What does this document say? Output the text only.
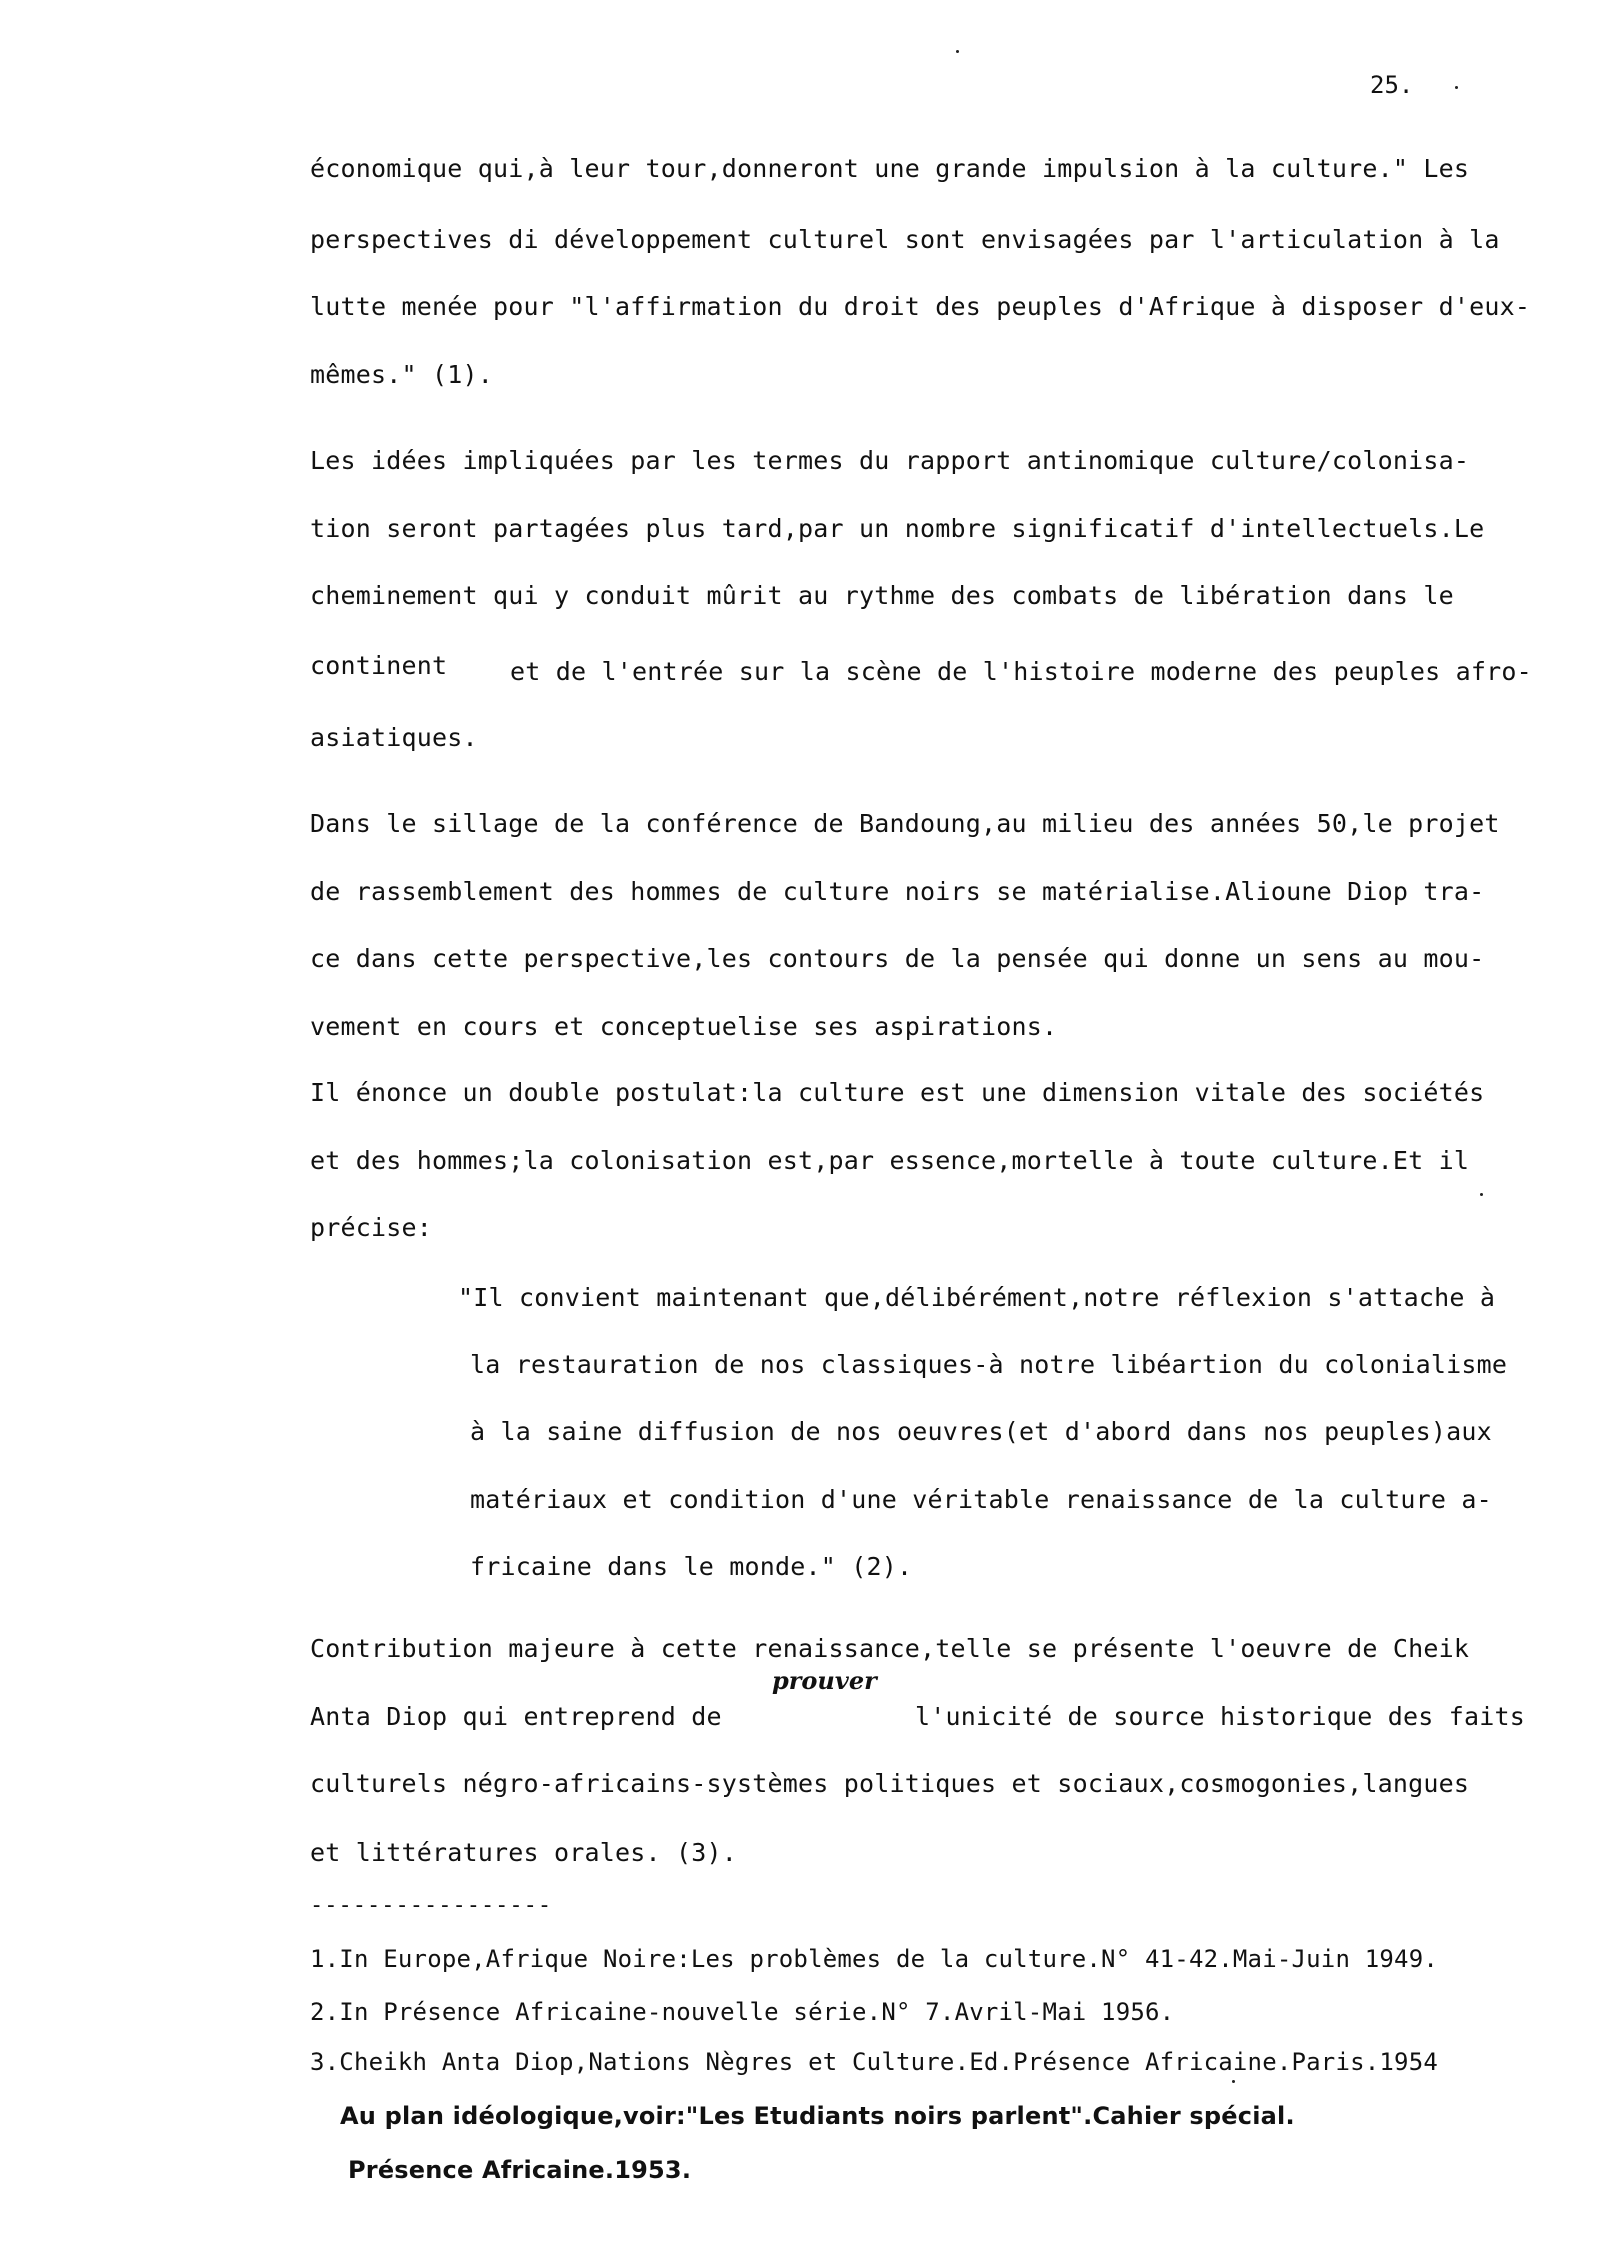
25.
économique qui,à leur tour,donneront une grande impulsion à la culture." Les
perspectives di développement culturel sont envisagées par l'articulation à la
lutte menée pour "l'affirmation du droit des peuples d'Afrique à disposer d'eux-
mêmes." (1).
Les idées impliquées par les termes du rapport antinomique culture/colonisa-
tion seront partagées plus tard,par un nombre significatif d'intellectuels.Le
cheminement qui y conduit mûrit au rythme des combats de libération dans le
continent	et de l'entrée sur la scène de l'histoire moderne des peuples afro-
asiatiques.
Dans le sillage de la conférence de Bandoung,au milieu des années 50,le projet
de rassemblement des hommes de culture noirs se matérialise.Alioune Diop tra-
ce dans cette perspective,les contours de la pensée qui donne un sens au mou-
vement en cours et conceptuelise ses aspirations.
Il énonce un double postulat:la culture est une dimension vitale des sociétés
et des hommes;la colonisation est,par essence,mortelle à toute culture.Et il
précise:
"Il convient maintenant que,délibérément,notre réflexion s'attache à
la restauration de nos classiques-à notre libéartion du colonialisme
à la saine diffusion de nos oeuvres(et d'abord dans nos peuples)aux
matériaux et condition d'une véritable renaissance de la culture a-
fricaine dans le monde." (2).
Contribution majeure à cette renaissance,telle se présente l'oeuvre de Cheik
prouver
Anta Diop qui entreprend de	l'unicité de source historique des faits
culturels négro-africains-systèmes politiques et sociaux,cosmogonies,langues
et littératures orales. (3).
-----------------
1.In Europe,Afrique Noire:Les problèmes de la culture.N° 41-42.Mai-Juin 1949.
2.In Présence Africaine-nouvelle série.N° 7.Avril-Mai 1956.
3.Cheikh Anta Diop,Nations Nègres et Culture.Ed.Présence Africaine.Paris.1954
Au plan idéologique,voir:"Les Etudiants noirs parlent".Cahier spécial.
Présence Africaine.1953.
